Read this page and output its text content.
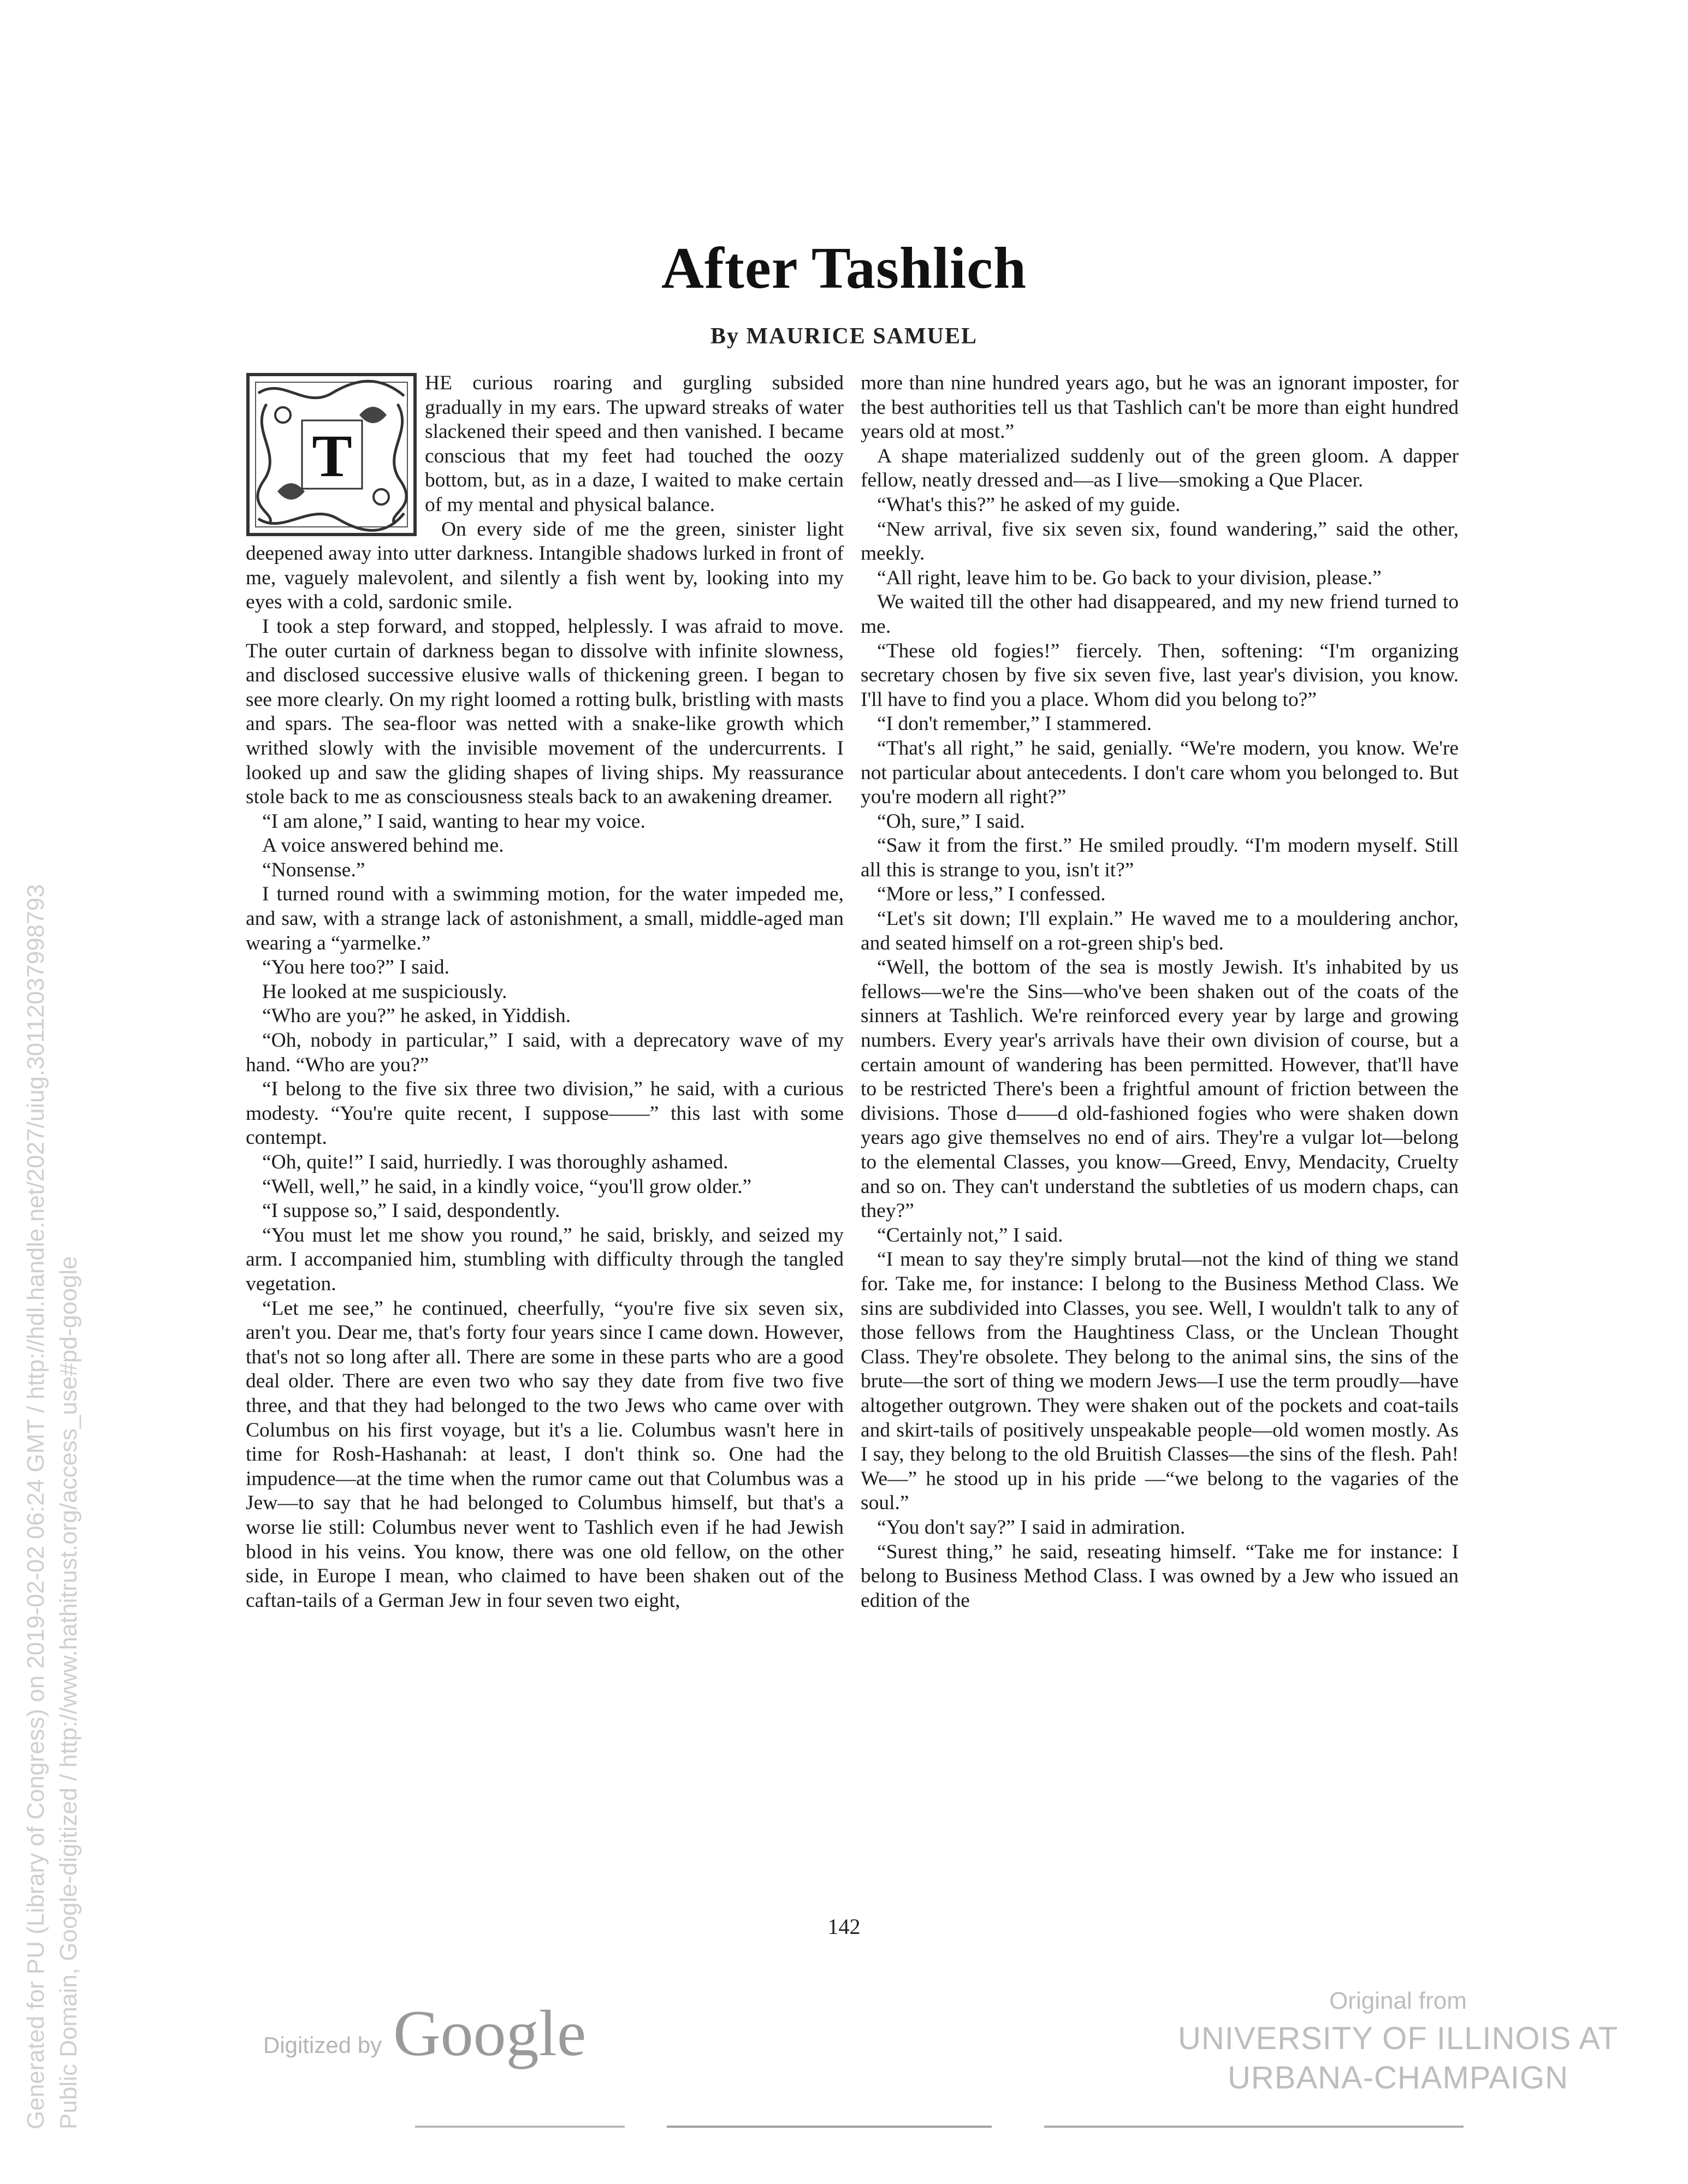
After Tashlich
By MAURICE SAMUEL
T

HE curious roaring and gurgling subsided gradually in my ears. The upward streaks of water slackened their speed and then vanished. I became conscious that my feet had touched the oozy bottom, but, as in a daze, I waited to make certain of my mental and physical balance.

On every side of me the green, sinister light deepened away into utter darkness. Intangible shadows lurked in front of me, vaguely malevolent, and silently a fish went by, looking into my eyes with a cold, sardonic smile.

I took a step forward, and stopped, helplessly. I was afraid to move. The outer curtain of darkness began to dissolve with infinite slowness, and disclosed successive elusive walls of thickening green. I began to see more clearly. On my right loomed a rotting bulk, bristling with masts and spars. The sea-floor was netted with a snake-like growth which writhed slowly with the invisible movement of the undercurrents. I looked up and saw the gliding shapes of living ships. My reassurance stole back to me as consciousness steals back to an awakening dreamer.

“I am alone,” I said, wanting to hear my voice.

A voice answered behind me.

“Nonsense.”

I turned round with a swimming motion, for the water impeded me, and saw, with a strange lack of astonishment, a small, middle-aged man wearing a “yarmelke.”

“You here too?” I said.

He looked at me suspiciously.

“Who are you?” he asked, in Yiddish.

“Oh, nobody in particular,” I said, with a deprecatory wave of my hand. “Who are you?”

“I belong to the five six three two division,” he said, with a curious modesty. “You're quite recent, I suppose——” this last with some contempt.

“Oh, quite!” I said, hurriedly. I was thoroughly ashamed.

“Well, well,” he said, in a kindly voice, “you'll grow older.”

“I suppose so,” I said, despondently.

“You must let me show you round,” he said, briskly, and seized my arm. I accompanied him, stumbling with difficulty through the tangled vegetation.

“Let me see,” he continued, cheerfully, “you're five six seven six, aren't you. Dear me, that's forty four years since I came down. However, that's not so long after all. There are some in these parts who are a good deal older. There are even two who say they date from five two five three, and that they had belonged to the two Jews who came over with Columbus on his first voyage, but it's a lie. Columbus wasn't here in time for Rosh-Hashanah: at least, I don't think so. One had the impudence—at the time when the rumor came out that Columbus was a Jew—to say that he had belonged to Columbus himself, but that's a worse lie still: Columbus never went to Tashlich even if he had Jewish blood in his veins. You know, there was one old fellow, on the other side, in Europe I mean, who claimed to have been shaken out of the caftan-tails of a German Jew in four seven two eight,

more than nine hundred years ago, but he was an ignorant imposter, for the best authorities tell us that Tashlich can't be more than eight hundred years old at most.”

A shape materialized suddenly out of the green gloom. A dapper fellow, neatly dressed and—as I live—smoking a Que Placer.

“What's this?” he asked of my guide.

“New arrival, five six seven six, found wandering,” said the other, meekly.

“All right, leave him to be. Go back to your division, please.”

We waited till the other had disappeared, and my new friend turned to me.

“These old fogies!” fiercely. Then, softening: “I'm organizing secretary chosen by five six seven five, last year's division, you know. I'll have to find you a place. Whom did you belong to?”

“I don't remember,” I stammered.

“That's all right,” he said, genially. “We're modern, you know. We're not particular about antecedents. I don't care whom you belonged to. But you're modern all right?”

“Oh, sure,” I said.

“Saw it from the first.” He smiled proudly. “I'm modern myself. Still all this is strange to you, isn't it?”

“More or less,” I confessed.

“Let's sit down; I'll explain.” He waved me to a mouldering anchor, and seated himself on a rot-green ship's bed.

“Well, the bottom of the sea is mostly Jewish. It's inhabited by us fellows—we're the Sins—who've been shaken out of the coats of the sinners at Tashlich. We're reinforced every year by large and growing numbers. Every year's arrivals have their own division of course, but a certain amount of wandering has been permitted. However, that'll have to be restricted There's been a frightful amount of friction between the divisions. Those d——d old-fashioned fogies who were shaken down years ago give themselves no end of airs. They're a vulgar lot—belong to the elemental Classes, you know—Greed, Envy, Mendacity, Cruelty and so on. They can't understand the subtleties of us modern chaps, can they?”

“Certainly not,” I said.

“I mean to say they're simply brutal—not the kind of thing we stand for. Take me, for instance: I belong to the Business Method Class. We sins are subdivided into Classes, you see. Well, I wouldn't talk to any of those fellows from the Haughtiness Class, or the Unclean Thought Class. They're obsolete. They belong to the animal sins, the sins of the brute—the sort of thing we modern Jews—I use the term proudly—have altogether outgrown. They were shaken out of the pockets and coat-tails and skirt-tails of positively unspeakable people—old women mostly. As I say, they belong to the old Bruitish Classes—the sins of the flesh. Pah! We—” he stood up in his pride —“we belong to the vagaries of the soul.”

“You don't say?” I said in admiration.

“Surest thing,” he said, reseating himself. “Take me for instance: I belong to Business Method Class. I was owned by a Jew who issued an edition of the

142
Generated for PU (Library of Congress) on 2019-02-02 06:24 GMT / http://hdl.handle.net/2027/uiug.30112037998793 Public Domain, Google-digitized / http://www.hathitrust.org/access_use#pd-google	Digitized by Google	Original from
UNIVERSITY OF ILLINOIS AT
URBANA-CHAMPAIGN
